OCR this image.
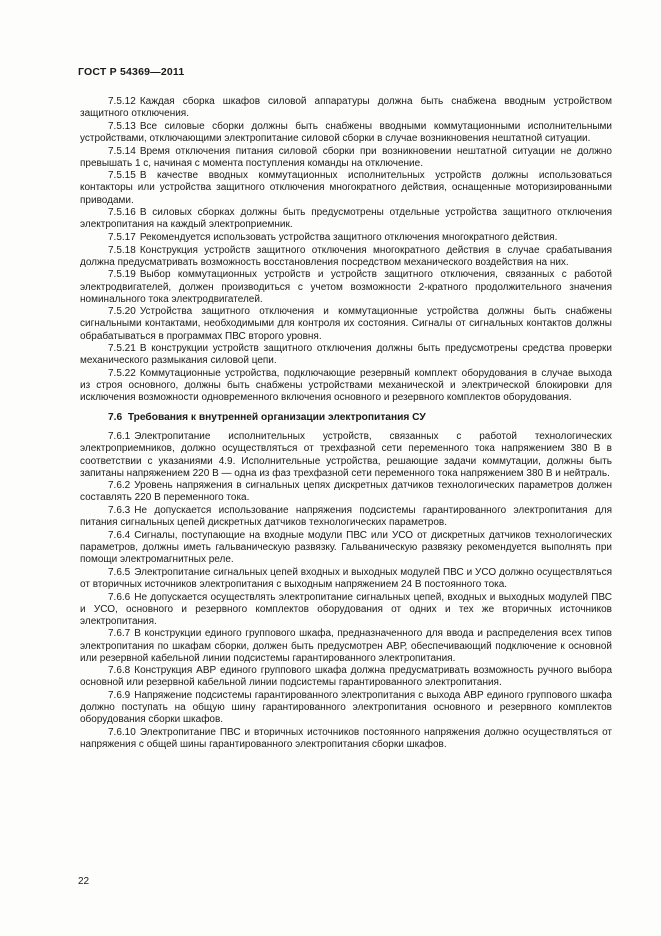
ГОСТ Р 54369—2011

7.5.12 Каждая сборка шкафов силовой аппаратуры должна быть снабжена вводным устройством защитного отключения.

7.5.13 Все силовые сборки должны быть снабжены вводными коммутационными исполнительными устройствами, отключающими электропитание силовой сборки в случае возникновения нештатной ситуации.

7.5.14 Время отключения питания силовой сборки при возникновении нештатной ситуации не должно превышать 1 с, начиная с момента поступления команды на отключение.

7.5.15 В качестве вводных коммутационных исполнительных устройств должны использоваться контакторы или устройства защитного отключения многократного действия, оснащенные моторизированными приводами.

7.5.16 В силовых сборках должны быть предусмотрены отдельные устройства защитного отключения электропитания на каждый электроприемник.

7.5.17 Рекомендуется использовать устройства защитного отключения многократного действия.

7.5.18 Конструкция устройств защитного отключения многократного действия в случае срабатывания должна предусматривать возможность восстановления посредством механического воздействия на них.

7.5.19 Выбор коммутационных устройств и устройств защитного отключения, связанных с работой электродвигателей, должен производиться с учетом возможности 2-кратного продолжительного значения номинального тока электродвигателей.

7.5.20 Устройства защитного отключения и коммутационные устройства должны быть снабжены сигнальными контактами, необходимыми для контроля их состояния. Сигналы от сигнальных контактов должны обрабатываться в программах ПВС второго уровня.

7.5.21 В конструкции устройств защитного отключения должны быть предусмотрены средства проверки механического размыкания силовой цепи.

7.5.22 Коммутационные устройства, подключающие резервный комплект оборудования в случае выхода из строя основного, должны быть снабжены устройствами механической и электрической блокировки для исключения возможности одновременного включения основного и резервного комплектов оборудования.

7.6 Требования к внутренней организации электропитания СУ

7.6.1 Электропитание исполнительных устройств, связанных с работой технологических электроприемников, должно осуществляться от трехфазной сети переменного тока напряжением 380 В в соответствии с указаниями 4.9. Исполнительные устройства, решающие задачи коммутации, должны быть запитаны напряжением 220 В — одна из фаз трехфазной сети переменного тока напряжением 380 В и нейтраль.

7.6.2 Уровень напряжения в сигнальных цепях дискретных датчиков технологических параметров должен составлять 220 В переменного тока.

7.6.3 Не допускается использование напряжения подсистемы гарантированного электропитания для питания сигнальных цепей дискретных датчиков технологических параметров.

7.6.4 Сигналы, поступающие на входные модули ПВС или УСО от дискретных датчиков технологических параметров, должны иметь гальваническую развязку. Гальваническую развязку рекомендуется выполнять при помощи электромагнитных реле.

7.6.5 Электропитание сигнальных цепей входных и выходных модулей ПВС и УСО должно осуществляться от вторичных источников электропитания с выходным напряжением 24 В постоянного тока.

7.6.6 Не допускается осуществлять электропитание сигнальных цепей, входных и выходных модулей ПВС и УСО, основного и резервного комплектов оборудования от одних и тех же вторичных источников электропитания.

7.6.7 В конструкции единого группового шкафа, предназначенного для ввода и распределения всех типов электропитания по шкафам сборки, должен быть предусмотрен АВР, обеспечивающий подключение к основной или резервной кабельной линии подсистемы гарантированного электропитания.

7.6.8 Конструкция АВР единого группового шкафа должна предусматривать возможность ручного выбора основной или резервной кабельной линии подсистемы гарантированного электропитания.

7.6.9 Напряжение подсистемы гарантированного электропитания с выхода АВР единого группового шкафа должно поступать на общую шину гарантированного электропитания основного и резервного комплектов оборудования сборки шкафов.

7.6.10 Электропитание ПВС и вторичных источников постоянного напряжения должно осуществляться от напряжения с общей шины гарантированного электропитания сборки шкафов.

22
